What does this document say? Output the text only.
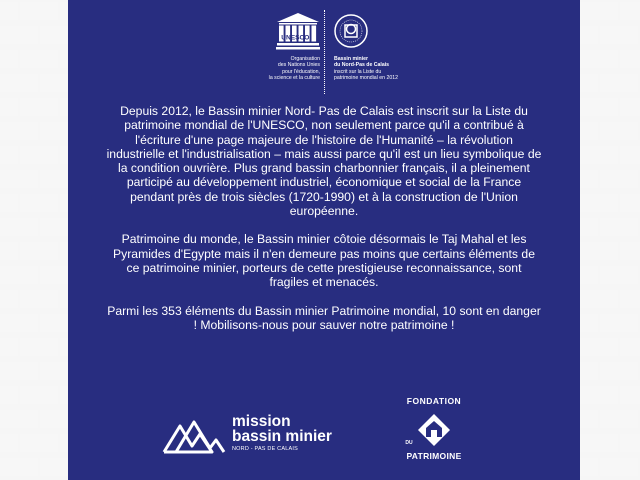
UNESCO
Organisation
des Nations Unies
pour l'éducation,
la science et la culture
Bassin minier
du Nord-Pas de Calais
inscrit sur la Liste du
patrimoine mondial en 2012

Depuis 2012, le Bassin minier Nord- Pas de Calais est inscrit sur la Liste du patrimoine mondial de l'UNESCO, non seulement parce qu'il a contribué à l'écriture d'une page majeure de l'histoire de l'Humanité – la révolution industrielle et l'industrialisation – mais aussi parce qu'il est un lieu symbolique de la condition ouvrière. Plus grand bassin charbonnier français, il a pleinement participé au développement industriel, économique et social de la France pendant près de trois siècles (1720-1990) et à la construction de l'Union européenne.

Patrimoine du monde, le Bassin minier côtoie désormais le Taj Mahal et les Pyramides d'Egypte mais il n'en demeure pas moins que certains éléments de ce patrimoine minier, porteurs de cette prestigieuse reconnaissance, sont fragiles et menacés.

Parmi les 353 éléments du Bassin minier Patrimoine mondial, 10 sont en danger ! Mobilisons-nous pour sauver notre patrimoine !

mission
bassin minier
NORD - PAS DE CALAIS
FONDATION
DU
PATRIMOINE
